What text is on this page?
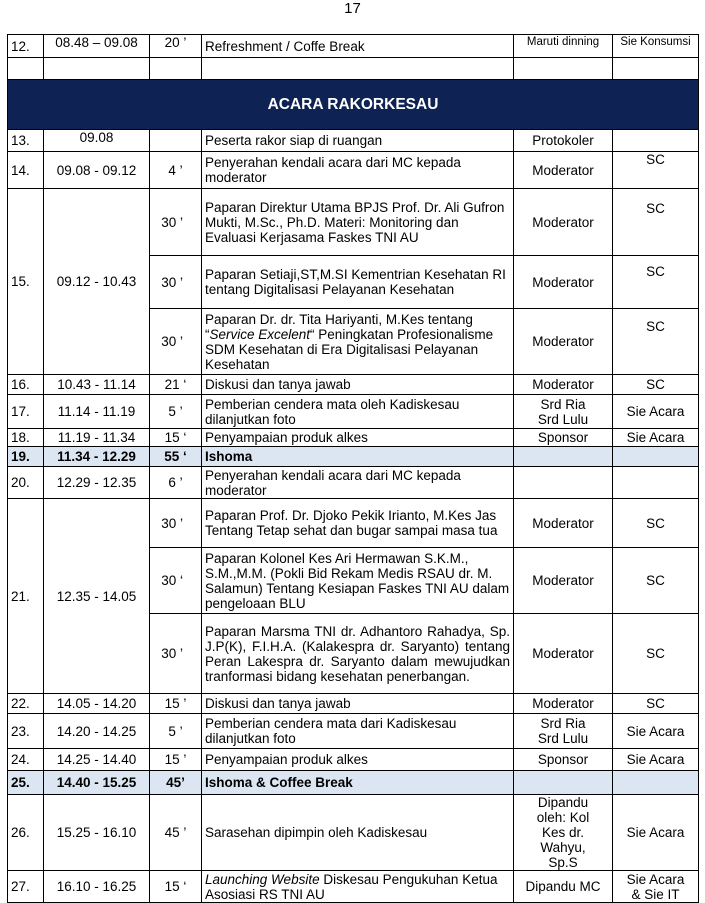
17
12.	08.48 – 09.08	20 ’	Refreshment / Coffe Break	Maruti dinning	Sie Konsumsi

ACARA RAKORKESAU					
13.	09.08		Peserta rakor siap di ruangan	Protokoler	
14.	09.08 - 09.12	4 ’	Penyerahan kendali acara dari MC kepada moderator	Moderator	SC
15.	09.12 - 10.43	30 ’	Paparan Direktur Utama BPJS Prof. Dr. Ali Gufron Mukti, M.Sc., Ph.D. Materi: Monitoring dan Evaluasi Kerjasama Faskes TNI AU	Moderator	SC
		30 ’	Paparan Setiaji,ST,M.SI Kementrian Kesehatan RI tentang Digitalisasi Pelayanan Kesehatan	Moderator	SC
		30 ’	Paparan Dr. dr. Tita Hariyanti, M.Kes tentang “Service Excelent“ Peningkatan Profesionalisme SDM Kesehatan di Era Digitalisasi Pelayanan Kesehatan	Moderator	SC
16.	10.43 - 11.14	21 ‘	Diskusi dan tanya jawab	Moderator	SC
17.	11.14 - 11.19	5 ’	Pemberian cendera mata oleh Kadiskesau dilanjutkan foto	Srd Ria Srd Lulu	Sie Acara
18.	11.19 - 11.34	15 ‘	Penyampaian produk alkes	Sponsor	Sie Acara
19.	11.34 - 12.29	55 ‘	Ishoma		
20.	12.29 - 12.35	6 ’	Penyerahan kendali acara dari MC kepada moderator		
21.	12.35 - 14.05	30 ’	Paparan Prof. Dr. Djoko Pekik Irianto, M.Kes Jas Tentang Tetap sehat dan bugar sampai masa tua	Moderator	SC
		30 ‘	Paparan Kolonel Kes Ari Hermawan S.K.M., S.M.,M.M. (Pokli Bid Rekam Medis RSAU dr. M. Salamun) Tentang Kesiapan Faskes TNI AU dalam pengeloaan BLU	Moderator	SC
		30 ’	Paparan Marsma TNI dr. Adhantoro Rahadya, Sp. J.P(K), F.I.H.A. (Kalakespra dr. Saryanto) tentang Peran Lakespra dr. Saryanto dalam mewujudkan tranformasi bidang kesehatan penerbangan.	Moderator	SC
22.	14.05 - 14.20	15 ’	Diskusi dan tanya jawab	Moderator	SC
23.	14.20 - 14.25	5 ’	Pemberian cendera mata dari Kadiskesau dilanjutkan foto	Srd Ria Srd Lulu	Sie Acara
24.	14.25 - 14.40	15 ’	Penyampaian produk alkes	Sponsor	Sie Acara
25.	14.40 - 15.25	45’	Ishoma & Coffee Break		
26.	15.25 - 16.10	45 ’	Sarasehan dipimpin oleh Kadiskesau	Dipandu oleh: Kol Kes dr. Wahyu, Sp.S	Sie Acara
27.	16.10 - 16.25	15 ‘	Launching Website Diskesau Pengukuhan Ketua Asosiasi RS TNI AU	Dipandu MC	Sie Acara & Sie IT
